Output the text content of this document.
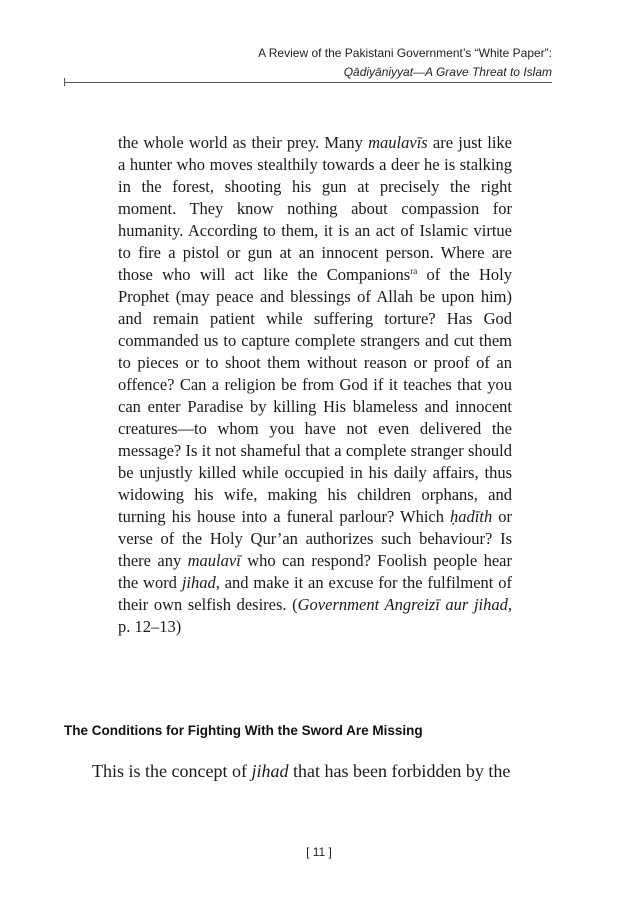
A Review of the Pakistani Government’s “White Paper”:
Qādiyāniyyat—A Grave Threat to Islam

the whole world as their prey. Many maulavīs are just like a hunter who moves stealthily towards a deer he is stalking in the forest, shooting his gun at precisely the right moment. They know nothing about compassion for humanity. According to them, it is an act of Islamic virtue to fire a pistol or gun at an innocent person. Where are those who will act like the Companions$^{ra}$ of the Holy Prophet (may peace and blessings of Allah be upon him) and remain patient while suffering torture? Has God commanded us to capture complete strangers and cut them to pieces or to shoot them without reason or proof of an offence? Can a religion be from God if it teaches that you can enter Paradise by killing His blameless and innocent creatures—to whom you have not even delivered the message? Is it not shameful that a complete stranger should be unjustly killed while occupied in his daily affairs, thus widowing his wife, making his children orphans, and turning his house into a funeral parlour? Which ḥadīth or verse of the Holy Qur’an authorizes such behaviour? Is there any maulavī who can respond? Foolish people hear the word jihad, and make it an excuse for the fulfilment of their own selfish desires. (Government Angreizī aur jihad, p. 12–13)

The Conditions for Fighting With the Sword Are Missing
This is the concept of jihad that has been forbidden by the
[ 11 ]
